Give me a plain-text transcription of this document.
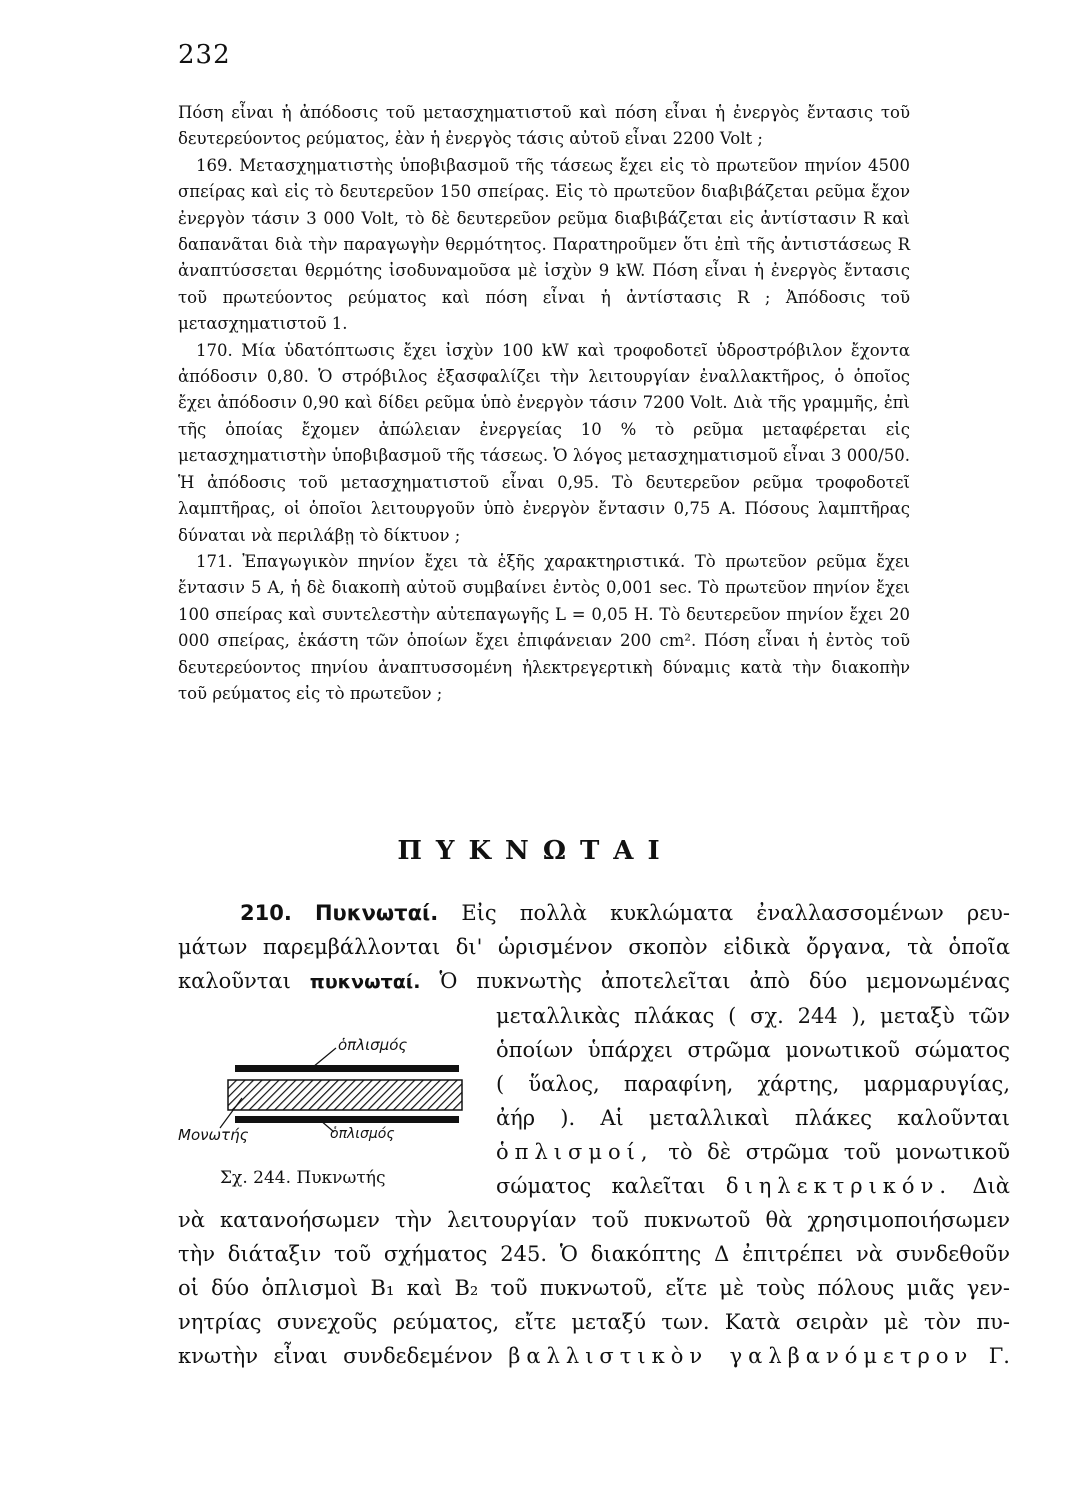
232

Πόση εἶναι ἡ ἀπόδοσις τοῦ μετασχηματιστοῦ καὶ πόση εἶναι ἡ ἐνεργὸς ἔντασις τοῦ δευτερεύοντος ρεύματος, ἐὰν ἡ ἐνεργὸς τάσις αὐτοῦ εἶναι 2200 Volt ;

169. Μετασχηματιστὴς ὑποβιβασμοῦ τῆς τάσεως ἔχει εἰς τὸ πρωτεῦον πηνίον 4500 σπείρας καὶ εἰς τὸ δευτερεῦον 150 σπείρας. Εἰς τὸ πρωτεῦον διαβιβάζεται ρεῦμα ἔχον ἐνεργὸν τάσιν 3 000 Volt, τὸ δὲ δευτερεῦον ρεῦμα διαβιβάζεται εἰς ἀντίστασιν R καὶ δαπανᾶται διὰ τὴν παραγωγὴν θερμότητος. Παρατηροῦμεν ὅτι ἐπὶ τῆς ἀντιστάσεως R ἀναπτύσσεται θερμότης ἰσοδυναμοῦσα μὲ ἰσχὺν 9 kW. Πόση εἶναι ἡ ἐνεργὸς ἔντασις τοῦ πρωτεύοντος ρεύματος καὶ πόση εἶναι ἡ ἀντίστασις R ; Ἀπόδοσις τοῦ μετασχηματιστοῦ 1.

170. Μία ὑδατόπτωσις ἔχει ἰσχὺν 100 kW καὶ τροφοδοτεῖ ὑδροστρόβιλον ἔχοντα ἀπόδοσιν 0,80. Ὁ στρόβιλος ἐξασφαλίζει τὴν λειτουργίαν ἐναλλακτῆρος, ὁ ὁποῖος ἔχει ἀπόδοσιν 0,90 καὶ δίδει ρεῦμα ὑπὸ ἐνεργὸν τάσιν 7200 Volt. Διὰ τῆς γραμμῆς, ἐπὶ τῆς ὁποίας ἔχομεν ἀπώλειαν ἐνεργείας 10 % τὸ ρεῦμα μεταφέρεται εἰς μετασχηματιστὴν ὑποβιβασμοῦ τῆς τάσεως. Ὁ λόγος μετασχηματισμοῦ εἶναι 3 000/50. Ἡ ἀπόδοσις τοῦ μετασχηματιστοῦ εἶναι 0,95. Τὸ δευτερεῦον ρεῦμα τροφοδοτεῖ λαμπτῆρας, οἱ ὁποῖοι λειτουργοῦν ὑπὸ ἐνεργὸν ἔντασιν 0,75 A. Πόσους λαμπτῆρας δύναται νὰ περιλάβῃ τὸ δίκτυον ;

171. Ἐπαγωγικὸν πηνίον ἔχει τὰ ἑξῆς χαρακτηριστικά. Τὸ πρωτεῦον ρεῦμα ἔχει ἔντασιν 5 A, ἡ δὲ διακοπὴ αὐτοῦ συμβαίνει ἐντὸς 0,001 sec. Τὸ πρωτεῦον πηνίον ἔχει 100 σπείρας καὶ συντελεστὴν αὐτεπαγωγῆς L = 0,05 H. Τὸ δευτερεῦον πηνίον ἔχει 20 000 σπείρας, ἑκάστη τῶν ὁποίων ἔχει ἐπιφάνειαν 200 cm². Πόση εἶναι ἡ ἐντὸς τοῦ δευτερεύοντος πηνίου ἀναπτυσσομένη ἠλεκτρεγερτικὴ δύναμις κατὰ τὴν διακοπὴν τοῦ ρεύματος εἰς τὸ πρωτεῦον ;

ΠΥΚΝΩΤΑΙ
210. Πυκνωταί. Εἰς πολλὰ κυκλώματα ἐναλλασσομένων ρευ-
μάτων παρεμβάλλονται δι' ὡρισμένον σκοπὸν εἰδικὰ ὄργανα, τὰ ὁποῖα
καλοῦνται πυκνωταί. Ὁ πυκνωτὴς ἀποτελεῖται ἀπὸ δύο μεμονωμένας
μεταλλικὰς πλάκας ( σχ. 244 ), μεταξὺ τῶν
ὁποίων ὑπάρχει στρῶμα μονωτικοῦ σώματος
( ὕαλος, παραφίνη, χάρτης, μαρμαρυγίας,
ἀήρ ). Αἱ μεταλλικαὶ πλάκες καλοῦνται
ὁπλισμοί, τὸ δὲ στρῶμα τοῦ μονωτικοῦ
σώματος καλεῖται διηλεκτρικόν. Διὰ
νὰ κατανοήσωμεν τὴν λειτουργίαν τοῦ πυκνωτοῦ θὰ χρησιμοποιήσωμεν
τὴν διάταξιν τοῦ σχήματος 245. Ὁ διακόπτης Δ ἐπιτρέπει νὰ συνδεθοῦν
οἱ δύο ὁπλισμοὶ B₁ καὶ B₂ τοῦ πυκνωτοῦ, εἴτε μὲ τοὺς πόλους μιᾶς γεν-
νητρίας συνεχοῦς ρεύματος, εἴτε μεταξύ των. Κατὰ σειρὰν μὲ τὸν πυ-
κνωτὴν εἶναι συνδεδεμένον βαλλιστικὸν γαλβανόμετρον Γ.
ὁπλισμός
Μονωτής	ὁπλισμός
Σχ. 244. Πυκνωτής
